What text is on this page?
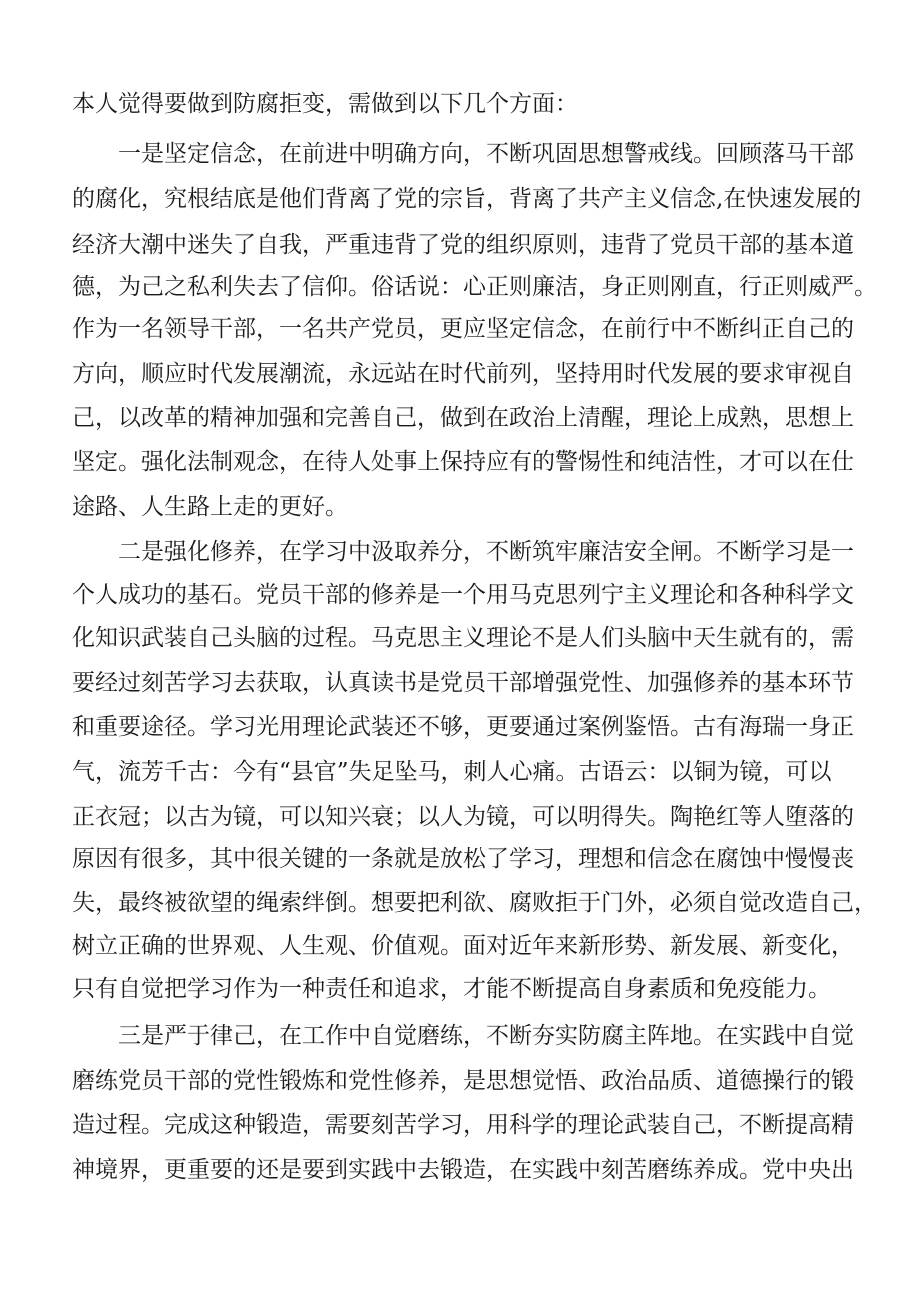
本人觉得要做到防腐拒变，需做到以下几个方面：
一是坚定信念，在前进中明确方向，不断巩固思想警戒线。回顾落马干部
的腐化，究根结底是他们背离了党的宗旨，背离了共产主义信念,在快速发展的
经济大潮中迷失了自我，严重违背了党的组织原则，违背了党员干部的基本道
德，为己之私利失去了信仰。俗话说：心正则廉洁，身正则刚直，行正则威严。
作为一名领导干部，一名共产党员，更应坚定信念，在前行中不断纠正自己的
方向，顺应时代发展潮流，永远站在时代前列，坚持用时代发展的要求审视自
己，以改革的精神加强和完善自己，做到在政治上清醒，理论上成熟，思想上
坚定。强化法制观念，在待人处事上保持应有的警惕性和纯洁性，才可以在仕
途路、人生路上走的更好。
二是强化修养，在学习中汲取养分，不断筑牢廉洁安全闸。不断学习是一
个人成功的基石。党员干部的修养是一个用马克思列宁主义理论和各种科学文
化知识武装自己头脑的过程。马克思主义理论不是人们头脑中天生就有的，需
要经过刻苦学习去获取，认真读书是党员干部增强党性、加强修养的基本环节
和重要途径。学习光用理论武装还不够，更要通过案例鉴悟。古有海瑞一身正
气，流芳千古：今有“县官”失足坠马，刺人心痛。古语云：以铜为镜，可以
正衣冠；以古为镜，可以知兴衰；以人为镜，可以明得失。陶艳红等人堕落的
原因有很多，其中很关键的一条就是放松了学习，理想和信念在腐蚀中慢慢丧
失，最终被欲望的绳索绊倒。想要把利欲、腐败拒于门外，必须自觉改造自己，
树立正确的世界观、人生观、价值观。面对近年来新形势、新发展、新变化，
只有自觉把学习作为一种责任和追求，才能不断提高自身素质和免疫能力。
三是严于律己，在工作中自觉磨练，不断夯实防腐主阵地。在实践中自觉
磨练党员干部的党性锻炼和党性修养，是思想觉悟、政治品质、道德操行的锻
造过程。完成这种锻造，需要刻苦学习，用科学的理论武装自己，不断提高精
神境界，更重要的还是要到实践中去锻造，在实践中刻苦磨练养成。党中央出
